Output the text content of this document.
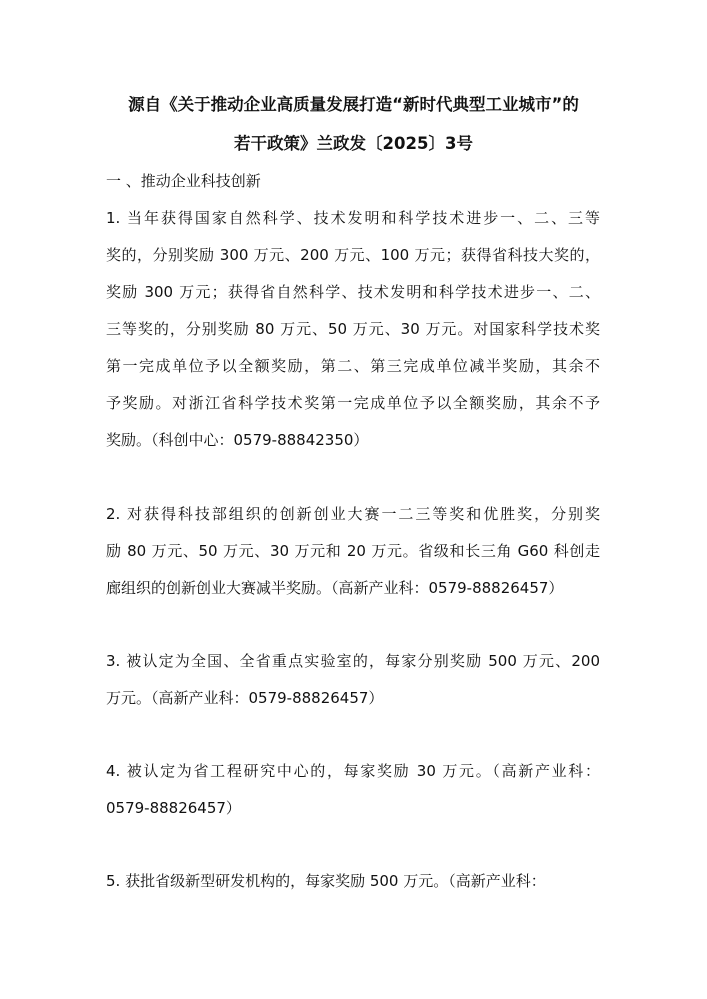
源自《关于推动企业高质量发展打造“新时代典型工业城市”的
若干政策》兰政发〔2025〕3号
一 、推动企业科技创新
1. 当年获得国家自然科学、技术发明和科学技术进步一、二、三等
奖的，分别奖励 300 万元、200 万元、100 万元；获得省科技大奖的，
奖励 300 万元；获得省自然科学、技术发明和科学技术进步一、二、
三等奖的，分别奖励 80 万元、50 万元、30 万元。对国家科学技术奖
第一完成单位予以全额奖励，第二、第三完成单位减半奖励，其余不
予奖励。对浙江省科学技术奖第一完成单位予以全额奖励，其余不予
奖励。（科创中心：0579-88842350）
2. 对获得科技部组织的创新创业大赛一二三等奖和优胜奖，分别奖
励 80 万元、50 万元、30 万元和 20 万元。省级和长三角 G60 科创走
廊组织的创新创业大赛减半奖励。（高新产业科：0579-88826457）
3. 被认定为全国、全省重点实验室的，每家分别奖励 500 万元、200
万元。（高新产业科：0579-88826457）
4. 被认定为省工程研究中心的，每家奖励 30 万元。（高新产业科：
0579-88826457）
5. 获批省级新型研发机构的，每家奖励 500 万元。（高新产业科：
